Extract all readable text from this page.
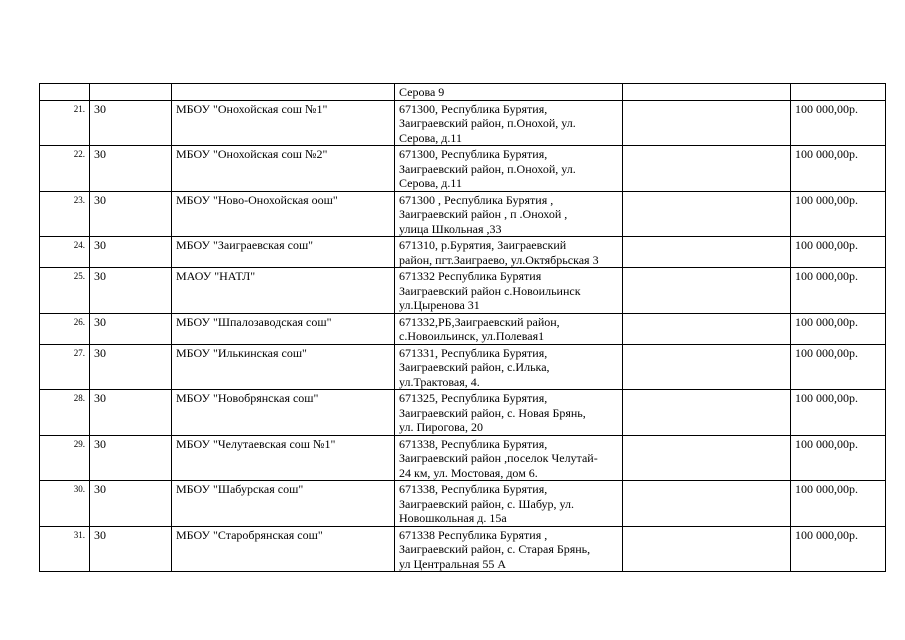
			Серова 9		
21.	30	МБОУ "Онохойская сош №1"	671300, Республика Бурятия,
Заиграевский район, п.Онохой, ул.
Серова, д.11		100 000,00р.
22.	30	МБОУ "Онохойская сош №2"	671300, Республика Бурятия,
Заиграевский район, п.Онохой, ул.
Серова, д.11		100 000,00р.
23.	30	МБОУ "Ново-Онохойская оош"	671300 , Республика Бурятия ,
Заиграевский район , п .Онохой ,
улица Школьная ,33		100 000,00р.
24.	30	МБОУ "Заиграевская сош"	671310, р.Бурятия, Заиграевский
район, пгт.Заиграево, ул.Октябрьская 3		100 000,00р.
25.	30	МАОУ "НАТЛ"	671332 Республика Бурятия
Заиграевский район с.Новоильинск
ул.Цыренова 31		100 000,00р.
26.	30	МБОУ "Шпалозаводская сош"	671332,РБ,Заиграевский район,
с.Новоильинск, ул.Полевая1		100 000,00р.
27.	30	МБОУ "Илькинская сош"	671331, Республика Бурятия,
Заиграевский район, с.Илька,
ул.Трактовая, 4.		100 000,00р.
28.	30	МБОУ "Новобрянская сош"	671325, Республика Бурятия,
Заиграевский район, с. Новая Брянь,
ул. Пирогова, 20		100 000,00р.
29.	30	МБОУ "Челутаевская сош №1"	671338, Республика Бурятия,
Заиграевский район ,поселок Челутай-
24 км, ул. Мостовая, дом 6.		100 000,00р.
30.	30	МБОУ "Шабурская сош"	671338, Республика Бурятия,
Заиграевский район, с. Шабур, ул.
Новошкольная д. 15а		100 000,00р.
31.	30	МБОУ "Старобрянская сош"	671338 Республика Бурятия ,
Заиграевский район, с. Старая Брянь,
ул Центральная 55 А		100 000,00р.
